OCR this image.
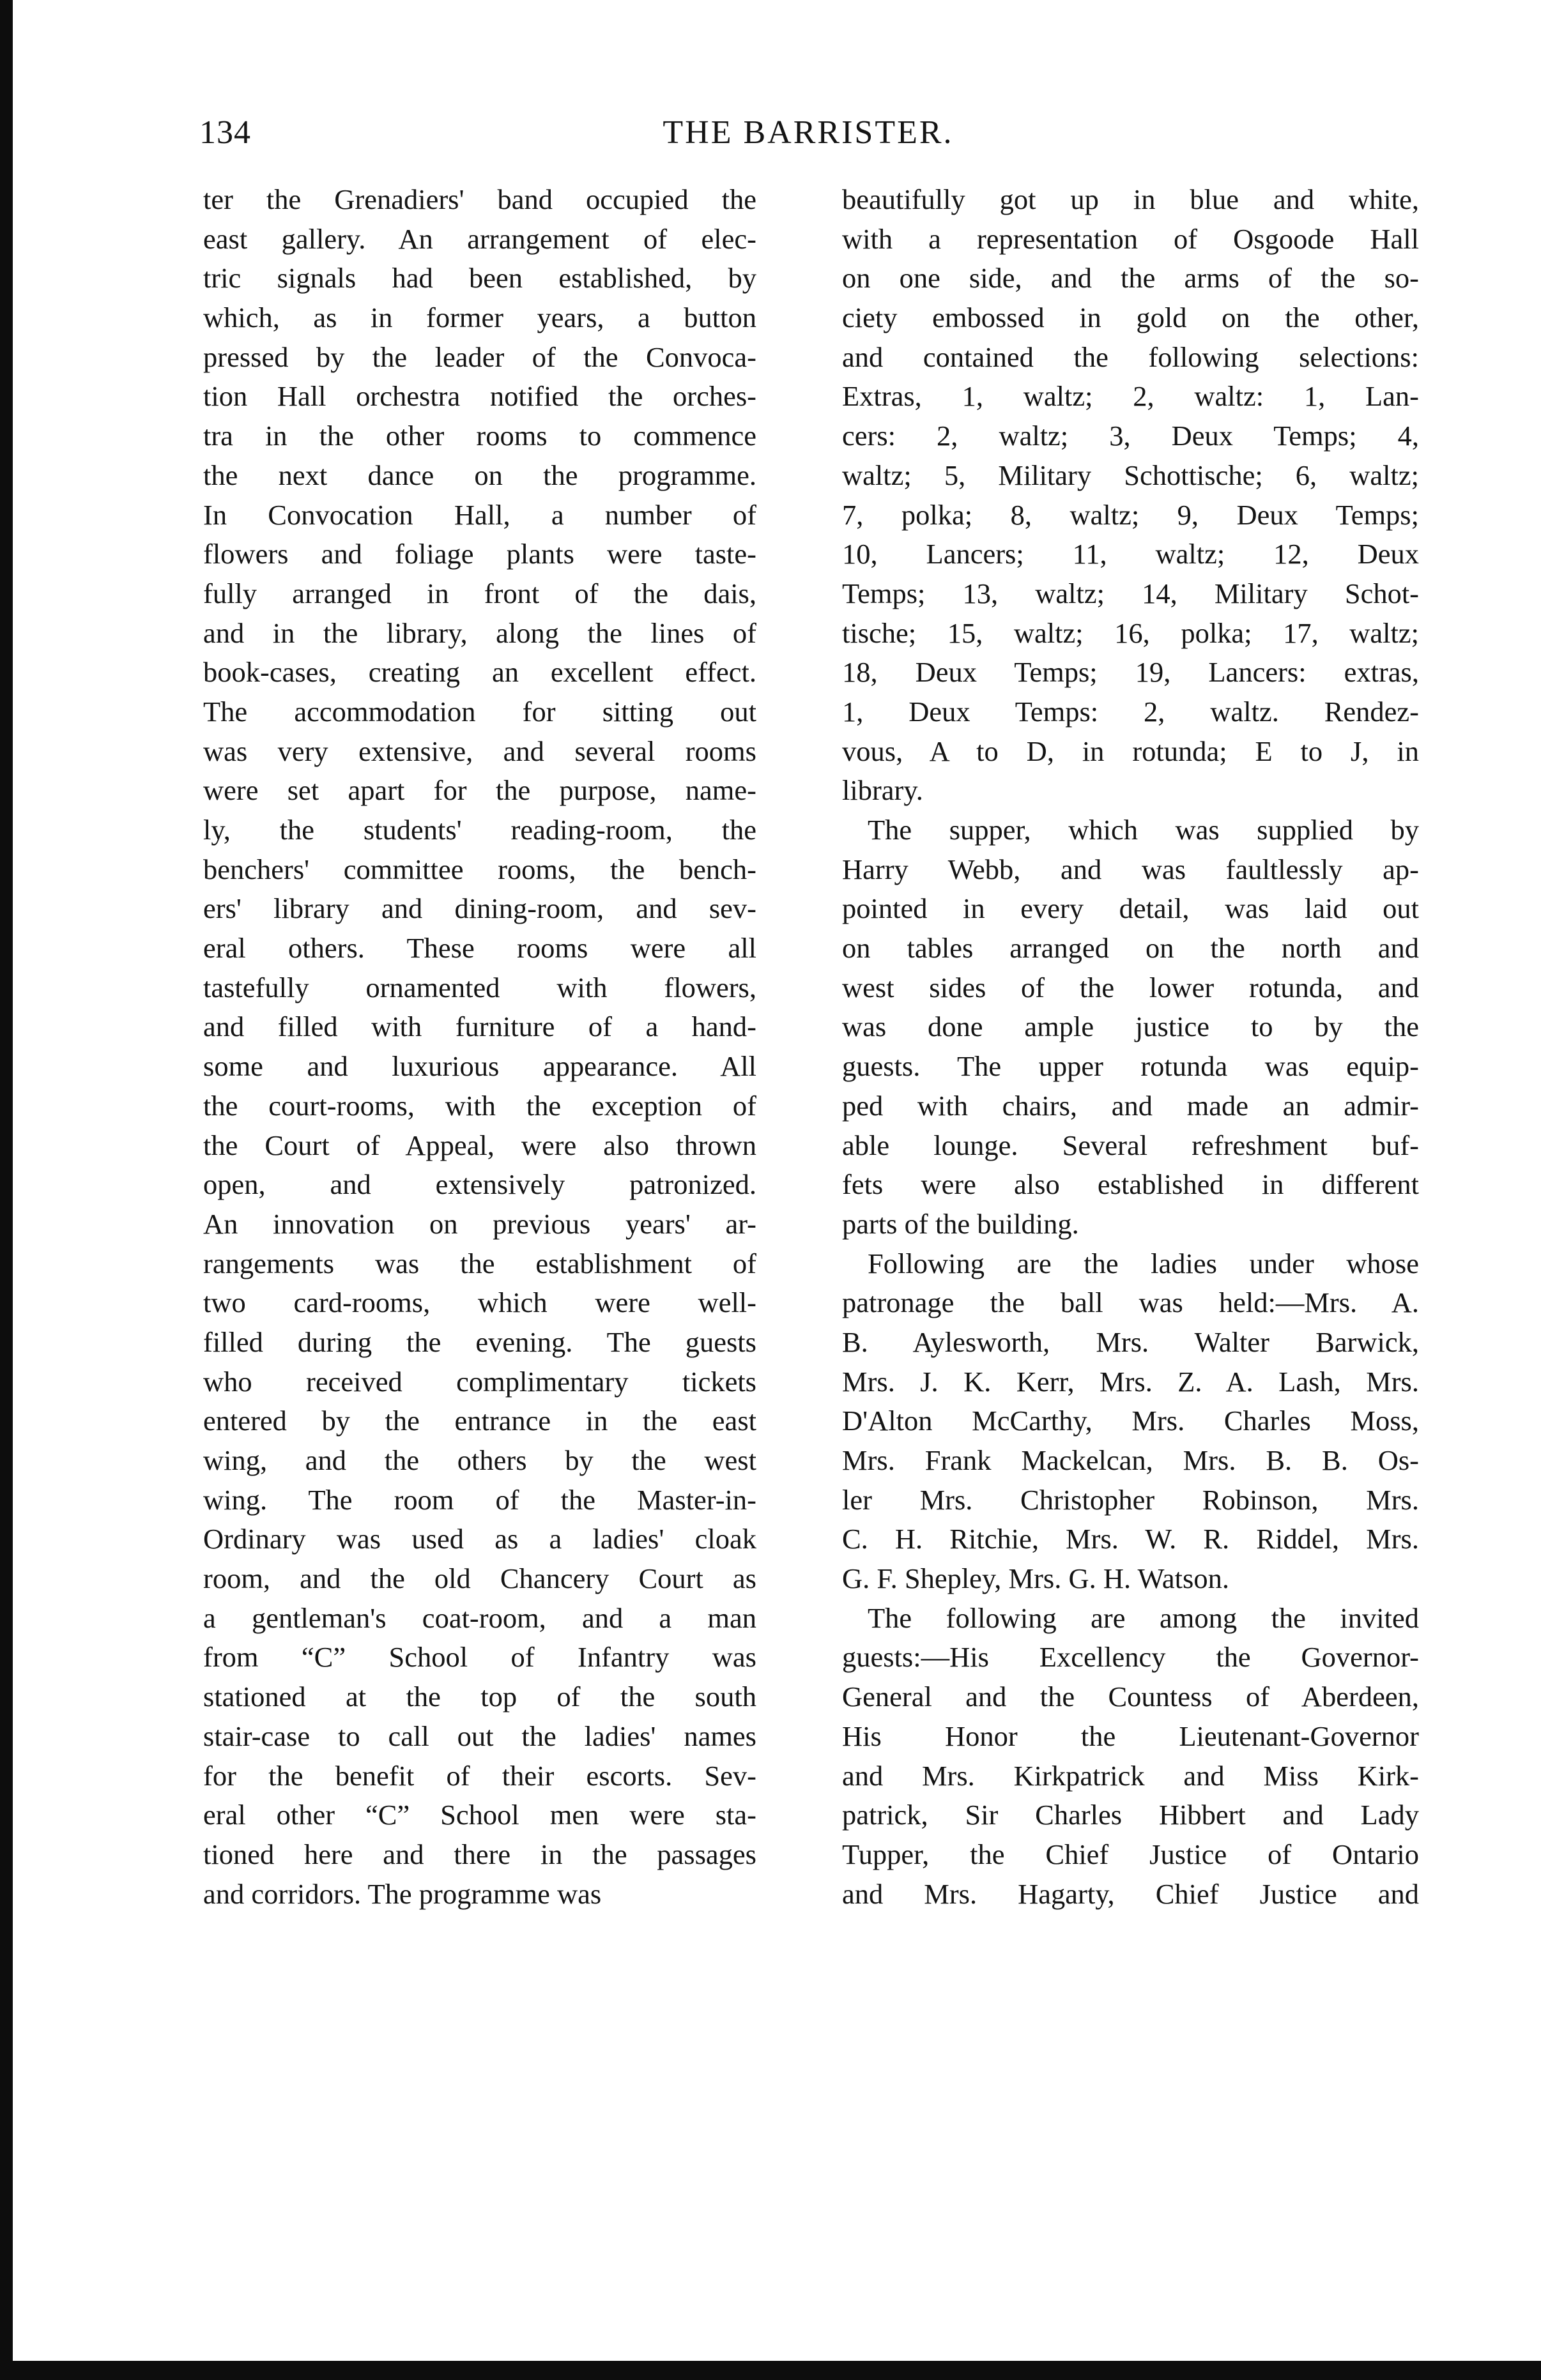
134	THE BARRISTER.
ter the Grenadiers' band occupied the
east gallery. An arrangement of elec-
tric signals had been established, by
which, as in former years, a button
pressed by the leader of the Convoca-
tion Hall orchestra notified the orches-
tra in the other rooms to commence
the next dance on the programme.
In Convocation Hall, a number of
flowers and foliage plants were taste-
fully arranged in front of the dais,
and in the library, along the lines of
book-cases, creating an excellent effect.
The accommodation for sitting out
was very extensive, and several rooms
were set apart for the purpose, name-
ly, the students' reading-room, the
benchers' committee rooms, the bench-
ers' library and dining-room, and sev-
eral others. These rooms were all
tastefully ornamented with flowers,
and filled with furniture of a hand-
some and luxurious appearance. All
the court-rooms, with the exception of
the Court of Appeal, were also thrown
open, and extensively patronized.
An innovation on previous years' ar-
rangements was the establishment of
two card-rooms, which were well-
filled during the evening. The guests
who received complimentary tickets
entered by the entrance in the east
wing, and the others by the west
wing. The room of the Master-in-
Ordinary was used as a ladies' cloak
room, and the old Chancery Court as
a gentleman's coat-room, and a man
from “C” School of Infantry was
stationed at the top of the south
stair-case to call out the ladies' names
for the benefit of their escorts. Sev-
eral other “C” School men were sta-
tioned here and there in the passages
and corridors. The programme was
beautifully got up in blue and white,
with a representation of Osgoode Hall
on one side, and the arms of the so-
ciety embossed in gold on the other,
and contained the following selections:
Extras, 1, waltz; 2, waltz: 1, Lan-
cers: 2, waltz; 3, Deux Temps; 4,
waltz; 5, Military Schottische; 6, waltz;
7, polka; 8, waltz; 9, Deux Temps;
10, Lancers; 11, waltz; 12, Deux
Temps; 13, waltz; 14, Military Schot-
tische; 15, waltz; 16, polka; 17, waltz;
18, Deux Temps; 19, Lancers: extras,
1, Deux Temps: 2, waltz. Rendez-
vous, A to D, in rotunda; E to J, in
library.
The supper, which was supplied by
Harry Webb, and was faultlessly ap-
pointed in every detail, was laid out
on tables arranged on the north and
west sides of the lower rotunda, and
was done ample justice to by the
guests. The upper rotunda was equip-
ped with chairs, and made an admir-
able lounge. Several refreshment buf-
fets were also established in different
parts of the building.
Following are the ladies under whose
patronage the ball was held:—Mrs. A.
B. Aylesworth, Mrs. Walter Barwick,
Mrs. J. K. Kerr, Mrs. Z. A. Lash, Mrs.
D'Alton McCarthy, Mrs. Charles Moss,
Mrs. Frank Mackelcan, Mrs. B. B. Os-
ler Mrs. Christopher Robinson, Mrs.
C. H. Ritchie, Mrs. W. R. Riddel, Mrs.
G. F. Shepley, Mrs. G. H. Watson.
The following are among the invited
guests:—His Excellency the Governor-
General and the Countess of Aberdeen,
His Honor the Lieutenant-Governor
and Mrs. Kirkpatrick and Miss Kirk-
patrick, Sir Charles Hibbert and Lady
Tupper, the Chief Justice of Ontario
and Mrs. Hagarty, Chief Justice and
